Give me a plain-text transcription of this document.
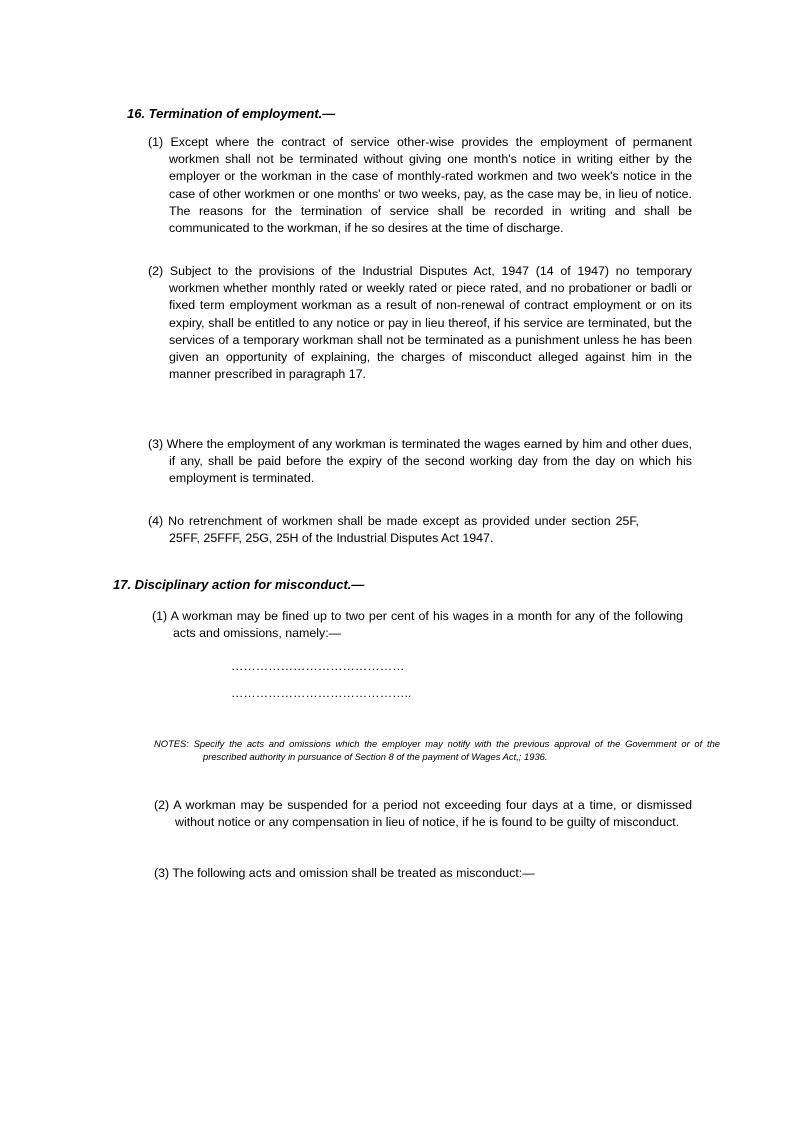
16. Termination of employment.—

(1) Except where the contract of service other-wise provides the employment of permanent workmen shall not be terminated without giving one month's notice in writing either by the employer or the workman in the case of monthly-rated workmen and two week's notice in the case of other workmen or one months' or two weeks, pay, as the case may be, in lieu of notice. The reasons for the termination of service shall be recorded in writing and shall be communicated to the workman, if he so desires at the time of discharge.

(2) Subject to the provisions of the Industrial Disputes Act, 1947 (14 of 1947) no temporary workmen whether monthly rated or weekly rated or piece rated, and no probationer or badli or fixed term employment workman as a result of non-renewal of contract employment or on its expiry, shall be entitled to any notice or pay in lieu thereof, if his service are terminated, but the services of a temporary workman shall not be terminated as a punishment unless he has been given an opportunity of explaining, the charges of misconduct alleged against him in the manner prescribed in paragraph 17.

(3) Where the employment of any workman is terminated the wages earned by him and other dues, if any, shall be paid before the expiry of the second working day from the day on which his employment is terminated.

(4) No retrenchment of workmen shall be made except as provided under section 25F, 25FF, 25FFF, 25G, 25H of the Industrial Disputes Act 1947.

17. Disciplinary action for misconduct.—

(1) A workman may be fined up to two per cent of his wages in a month for any of the following acts and omissions, namely:—

……………………………………

……………………………………..

NOTES: Specify the acts and omissions which the employer may notify with the previous approval of the Government or of the prescribed authority in pursuance of Section 8 of the payment of Wages Act,; 1936.

(2) A workman may be suspended for a period not exceeding four days at a time, or dismissed without notice or any compensation in lieu of notice, if he is found to be guilty of misconduct.

(3) The following acts and omission shall be treated as misconduct:—
